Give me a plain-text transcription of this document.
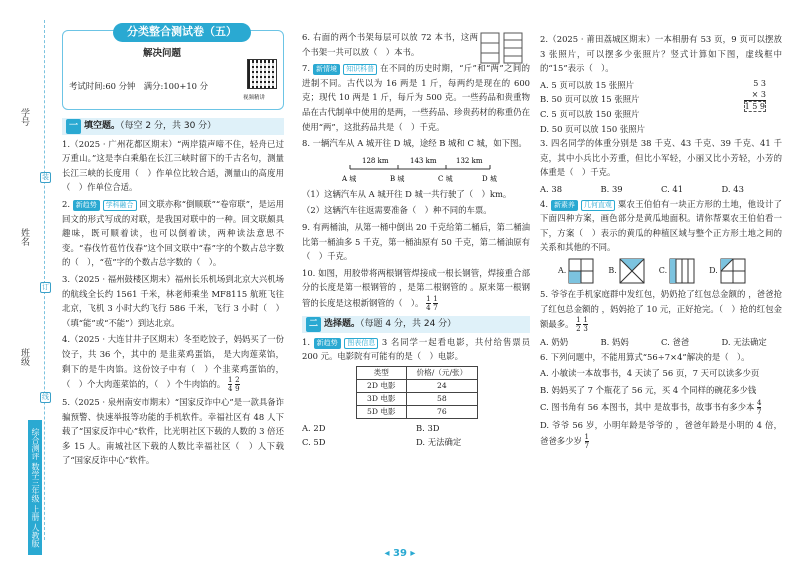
学号
姓名
班级
装
订
线
综合测评 数学三年级 上册 人教版
分类整合测试卷（五）
解决问题
考试时间:60 分钟　满分:100+10 分
视频精讲
一 填空题。（每空 2 分，共 30 分）
1.（2025 · 广州花都区期末）“两岸猿声啼不住，轻舟已过万重山。”这是李白乘船在长江三峡时留下的千古名句，测量长江三峡的长度用（　）作单位比较合适，测量山的高度用（　）作单位合适。
2. 新趋势 学科融合 回文联亦称“倒顺联”“卷帘联”，是运用回文的形式写成的对联，是我国对联中的一种。回文联颇具趣味，既可顺着读，也可以倒着读，两种读法意思不变。“春伐竹苞竹伐春”这个回文联中“春”字的个数占总字数的（　），“苞”字的个数占总字数的（　）。
3.（2025 · 福州鼓楼区期末）福州长乐机场到北京大兴机场的航线全长约 1561 千米，林老师乘坐 MF8115 航班飞往北京，飞机 3 小时大约飞行 586 千米，飞行 3 小时（　）（填“能”或“不能”）到达北京。
4.（2025 · 大连甘井子区期末）冬至吃饺子，妈妈买了一份饺子，共 36 个，其中的 是韭菜鸡蛋馅， 是大肉莲菜馅，剩下的是牛肉馅。这份饺子中有（　）个韭菜鸡蛋馅的，（　）个大肉莲菜馅的，（　）个牛肉馅的。 $\frac{1}{4}$
$\frac{2}{9}$
5.（2025 · 泉州南安市期末）“国家反诈中心”是一款具备诈骗预警、快速举报等功能的手机软件。幸福社区有 48 人下载了“国家反诈中心”软件，比光明社区下载的人数的 3 倍还多 15 人。南城社区下载的人数比幸福社区（　）人下载了“国家反诈中心”软件。
6. 右面的两个书架每层可以放 72 本书，这两个书架一共可以放（　）本书。
7. 新情境 知识科普 在不同的历史时期，“斤”和“两”之间的进制不同。古代以为 16 两是 1 斤，每两约是现在的 600 克；现代 10 两是 1 斤，每斤为 500 克。一些药品和贵重物品在古代制单中使用的是两，一些药品、珍贵药材的称重仍在使用“两”，这批药品共是（　）千克。
8. 一辆汽车从 A 城开往 D 城，途经 B 城和 C 城，如下图。
128 km	143 km	132 km
A 城	B 城	C 城	D 城
（1）这辆汽车从 A 城开往 D 城一共行驶了（　）km。
（2）这辆汽车往返需要准备（　）种不同的车票。
9. 有两桶油，从第一桶中倒出 20 千克给第二桶后，第二桶油比第一桶油多 5 千克，第一桶油原有 50 千克，第二桶油原有（　）千克。
10. 如图，用胶带将两根钢管焊接成一根长钢管，焊接重合部分的长度是第一根钢管的 ，是第二根钢管的 。原来第一根钢管的长度是这根新钢管的（　）。 $\frac{1}{4}$
$\frac{1}{7}$
二 选择题。（每题 4 分，共 24 分）
1. 新趋势 图表信息 3 名同学一起看电影，共付给售票员 200 元。电影院有可能有的是（　）电影。
类型	价格/（元/张）
2D 电影	24
3D 电影	58
5D 电影	76
A. 2D	B. 3D
C. 5D	D. 无法确定
2.（2025 · 莆田荔城区期末）一本相册有 53 页，9 页可以摆放 3 张照片，可以摆多少张照片？竖式计算如下图，虚线框中的“15”表示（　）。
A. 5 页可以放 15 张照片
B. 50 页可以放 15 张照片
C. 5 页可以放 150 张照片
D. 50 页可以放 150 张照片
5 3
× 3
1 5 9
3. 四名同学的体重分别是 38 千克、43 千克、39 千克、41 千克，其中小兵比小芳重，但比小军轻，小丽又比小芳轻，小芳的体重是（　）千克。
A. 38	B. 39	C. 41	D. 43
4. 新素养 几何直观 粟农王伯伯有一块正方形的土地，他设计了下面四种方案，画色部分是黄瓜地面积。请你帮粟农王伯伯看一下，方案（　）表示的黄瓜的种植区域与整个正方形土地之间的关系和其他的不同。
A.	B.	C.	D.
5. 爷爷在手机家庭群中发红包，奶奶抢了红包总金额的 ，爸爸抢了红包总金额的 ，妈妈抢了 10 元，正好抢完。（　）抢的红包金额最多。 $\frac{1}{2}$
$\frac{1}{3}$
A. 奶奶	B. 妈妈	C. 爸爸	D. 无法确定
6. 下列问题中，不能用算式“56÷7×4”解决的是（　）。
A. 小敏读一本故事书，4 天读了 56 页，7 天可以读多少页
B. 妈妈买了 7 个瓶花了 56 元，买 4 个同样的碗花多少钱
C. 图书角有 56 本图书，其中 是故事书，故事书有多少本 $\frac{4}{7}$
D. 爷爷 56 岁，小明年龄是爷爷的 ，爸爸年龄是小明的 4 倍，爸爸多少岁 $\frac{1}{7}$
◂ 39 ▸
